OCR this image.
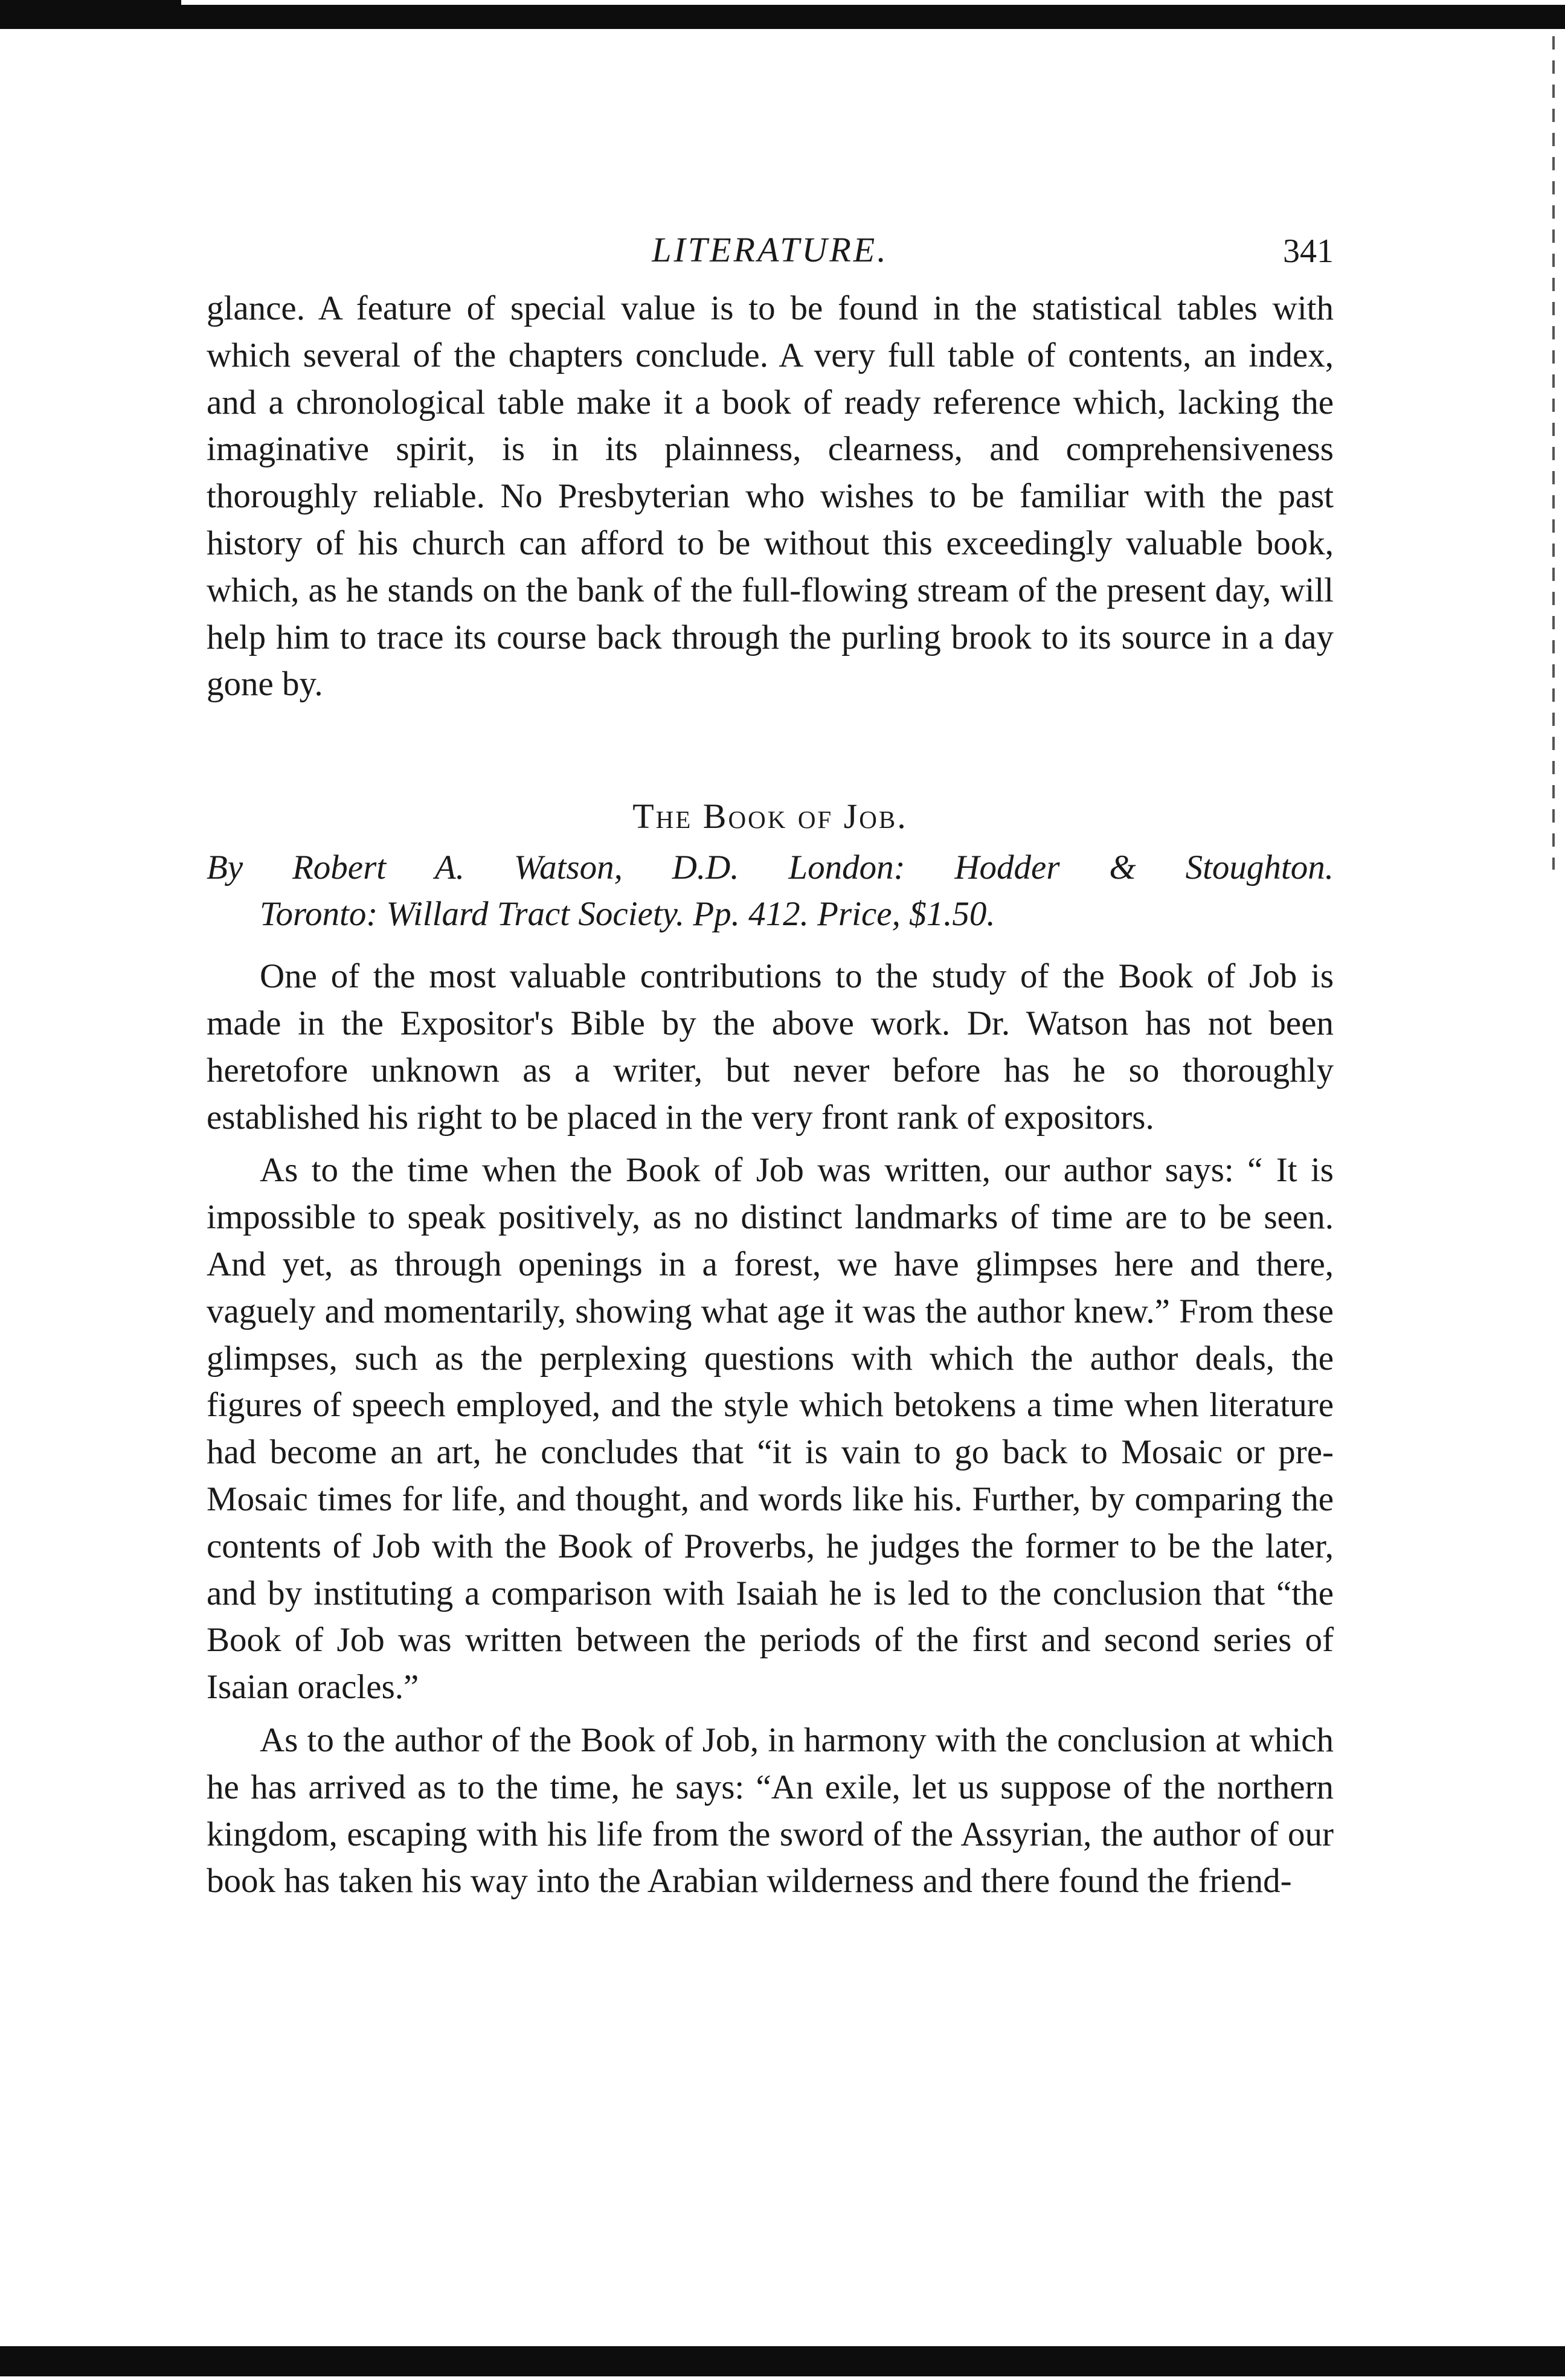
LITERATURE.	341

glance. A feature of special value is to be found in the statistical tables with which several of the chapters conclude. A very full table of contents, an index, and a chronological table make it a book of ready reference which, lacking the imaginative spirit, is in its plainness, clearness, and comprehensiveness thoroughly reliable. No Presbyterian who wishes to be familiar with the past history of his church can afford to be without this exceedingly valuable book, which, as he stands on the bank of the full-flowing stream of the present day, will help him to trace its course back through the purling brook to its source in a day gone by.

The Book of Job.
By Robert A. Watson, D.D. London: Hodder & Stoughton.
Toronto: Willard Tract Society. Pp. 412. Price, $1.50.

One of the most valuable contributions to the study of the Book of Job is made in the Expositor's Bible by the above work. Dr. Watson has not been heretofore unknown as a writer, but never before has he so thoroughly established his right to be placed in the very front rank of expositors.

As to the time when the Book of Job was written, our author says: “ It is impossible to speak positively, as no distinct landmarks of time are to be seen. And yet, as through openings in a forest, we have glimpses here and there, vaguely and momentarily, showing what age it was the author knew.” From these glimpses, such as the perplexing questions with which the author deals, the figures of speech employed, and the style which betokens a time when literature had become an art, he concludes that “it is vain to go back to Mosaic or pre-Mosaic times for life, and thought, and words like his. Further, by comparing the contents of Job with the Book of Proverbs, he judges the former to be the later, and by instituting a comparison with Isaiah he is led to the conclusion that “the Book of Job was written between the periods of the first and second series of Isaian oracles.”

As to the author of the Book of Job, in harmony with the conclusion at which he has arrived as to the time, he says: “An exile, let us suppose of the northern kingdom, escaping with his life from the sword of the Assyrian, the author of our book has taken his way into the Arabian wilderness and there found the friend-
